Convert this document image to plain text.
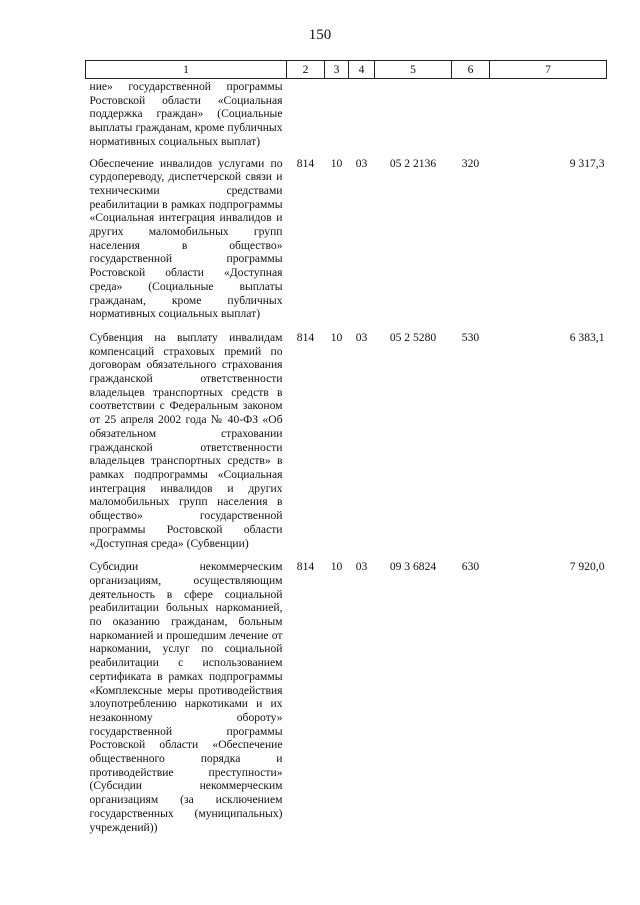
150
1	2	3	4	5	6	7
ние» государственной программы Ростовской области «Социальная поддержка граждан» (Социальные выплаты гражданам, кроме публичных нормативных социальных выплат)						
Обеспечение инвалидов услугами по сурдопереводу, диспетчерской связи и техническими средствами реабилитации в рамках подпрограммы «Социальная интеграция инвалидов и других маломобильных групп населения в общество» государственной программы Ростовской области «Доступная среда» (Социальные выплаты гражданам, кроме публичных нормативных социальных выплат)	814	10	03	05 2 2136	320	9 317,3
Субвенция на выплату инвалидам компенсаций страховых премий по договорам обязательного страхования гражданской ответственности владельцев транспортных средств в соответствии с Федеральным законом от 25 апреля 2002 года № 40-ФЗ «Об обязательном страховании гражданской ответственности владельцев транспортных средств» в рамках подпрограммы «Социальная интеграция инвалидов и других маломобильных групп населения в общество» государственной программы Ростовской области «Доступная среда» (Субвенции)	814	10	03	05 2 5280	530	6 383,1
Субсидии некоммерческим организациям, осуществляющим деятельность в сфере социальной реабилитации больных наркоманией, по оказанию гражданам, больным наркоманией и прошедшим лечение от наркомании, услуг по социальной реабилитации с использованием сертификата в рамках подпрограммы «Комплексные меры противодействия злоупотреблению наркотиками и их незаконному обороту» государственной программы Ростовской области «Обеспечение общественного порядка и противодействие преступности» (Субсидии некоммерческим организациям (за исключением государственных (муниципальных) учреждений))	814	10	03	09 3 6824	630	7 920,0
